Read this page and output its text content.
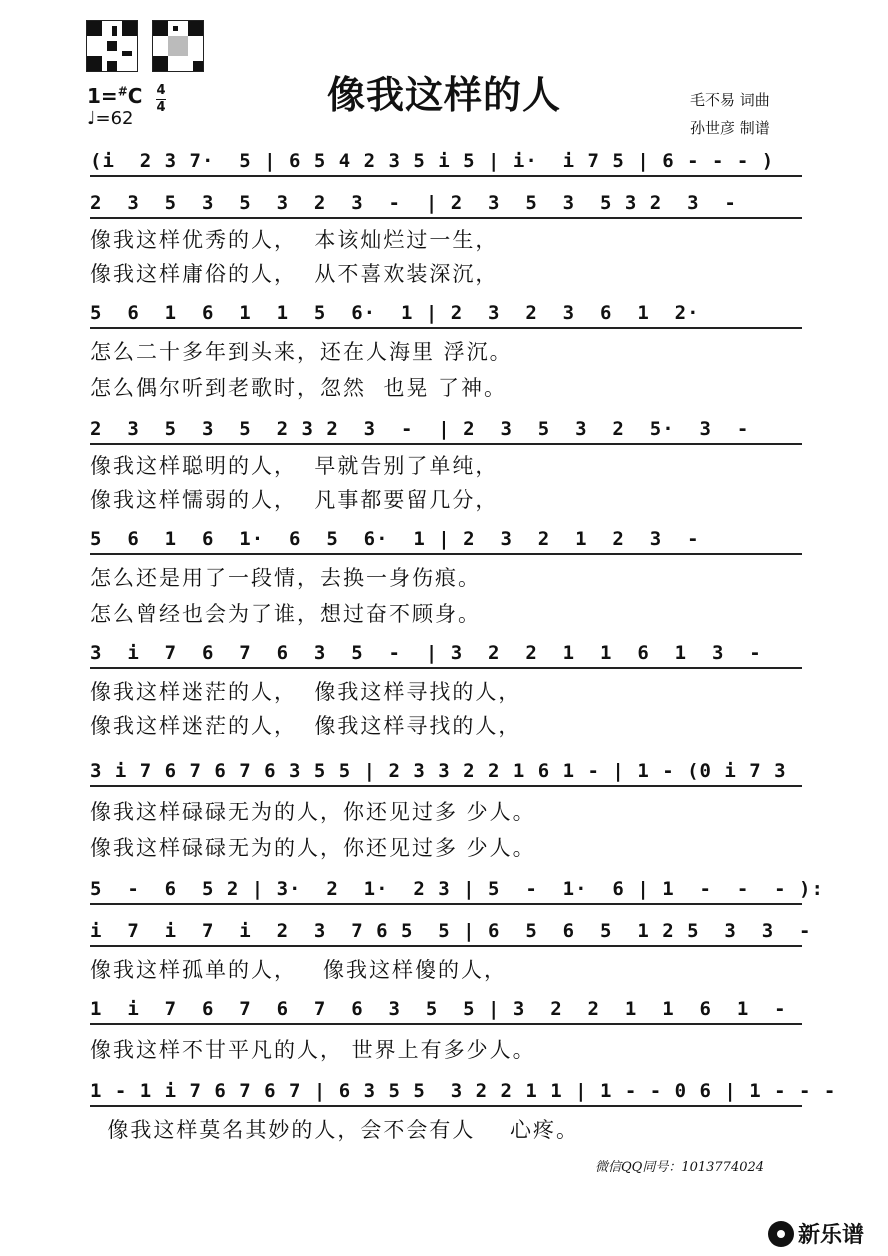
像我这样的人
1=#C 4
4
♩=62
毛不易 词曲
孙世彦 制谱
(i  2 3 7·  5 | 6 5 4 2 3 5 i 5 | i·  i 7 5 | 6 - - - )
2  3  5  3  5  3  2  3  -  | 2  3  5  3  5 3 2  3  -
像我这样优秀的人，  本该灿烂过一生，
像我这样庸俗的人，  从不喜欢装深沉，
5  6  1  6  1  1  5  6·  1 | 2  3  2  3  6  1  2·
怎么二十多年到头来，还在人海里 浮沉。
怎么偶尔听到老歌时，忽然  也晃 了神。
2  3  5  3  5  2 3 2  3  -  | 2  3  5  3  2  5·  3  -
像我这样聪明的人，  早就告别了单纯，
像我这样懦弱的人，  凡事都要留几分，
5  6  1  6  1·  6  5  6·  1 | 2  3  2  1  2  3  -
怎么还是用了一段情，去换一身伤痕。
怎么曾经也会为了谁，想过奋不顾身。
3  i  7  6  7  6  3  5  -  | 3  2  2  1  1  6  1  3  -
像我这样迷茫的人，  像我这样寻找的人，
像我这样迷茫的人，  像我这样寻找的人，
3 i 7 6 7 6 7 6 3 5 5 | 2 3 3 2 2 1 6 1 - | 1 - (0 i 7 3
像我这样碌碌无为的人，你还见过多 少人。
像我这样碌碌无为的人，你还见过多 少人。
5  -  6  5 2 | 3·  2  1·  2 3 | 5  -  1·  6 | 1  -  -  - ):
i  7  i  7  i  2  3  7 6 5  5 | 6  5  6  5  1 2 5  3  3  -
像我这样孤单的人，   像我这样傻的人，
1  i  7  6  7  6  7  6  3  5  5 | 3  2  2  1  1  6  1  -
像我这样不甘平凡的人， 世界上有多少人。
1 - 1 i 7 6 7 6 7 | 6 3 5 5  3 2 2 1 1 | 1 - - 0 6 | 1 - - -
像我这样莫名其妙的人，会不会有人    心疼。
微信QQ同号：1013774024
新乐谱
